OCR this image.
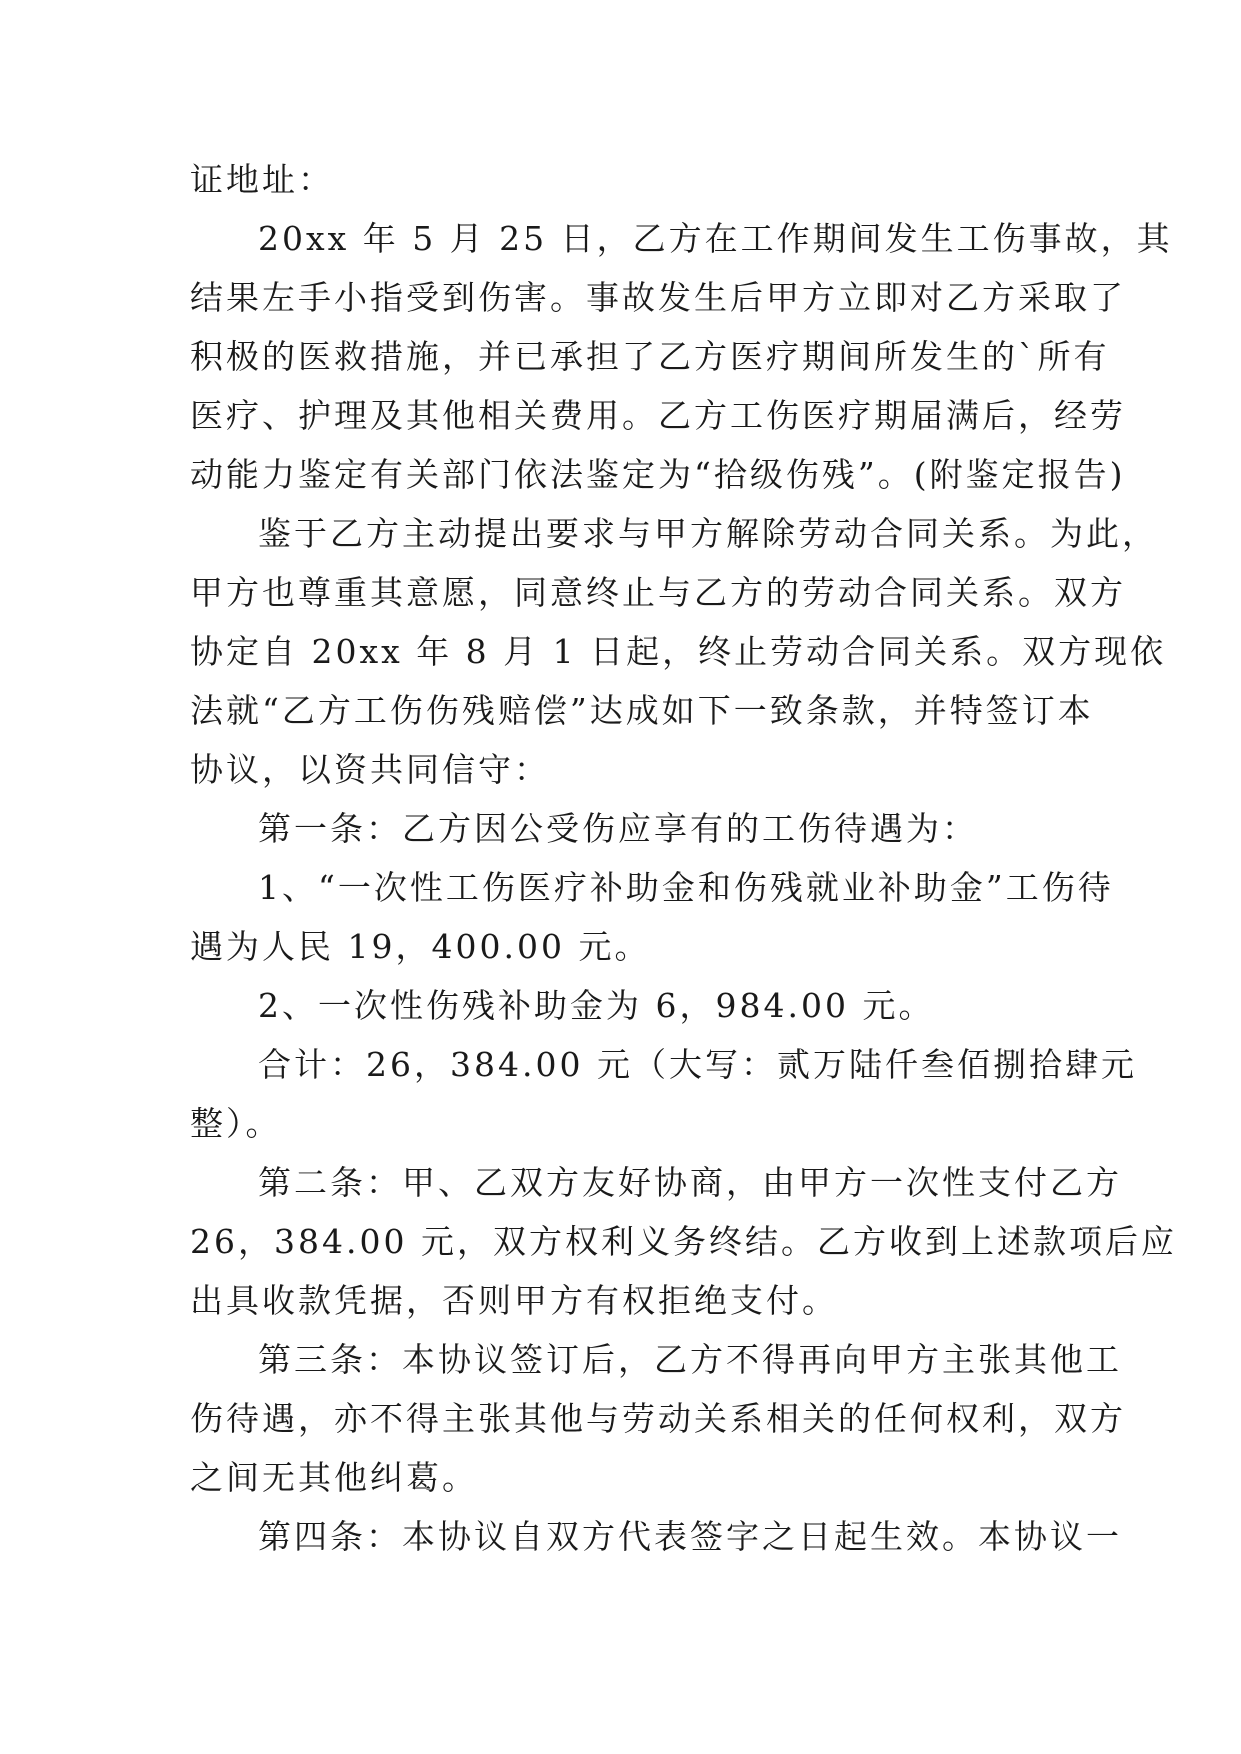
证地址：
20xx 年 5 月 25 日，乙方在工作期间发生工伤事故，其
结果左手小指受到伤害。事故发生后甲方立即对乙方采取了
积极的医救措施，并已承担了乙方医疗期间所发生的`所有
医疗、护理及其他相关费用。乙方工伤医疗期届满后，经劳
动能力鉴定有关部门依法鉴定为“拾级伤残”。(附鉴定报告)
鉴于乙方主动提出要求与甲方解除劳动合同关系。为此，
甲方也尊重其意愿，同意终止与乙方的劳动合同关系。双方
协定自 20xx 年 8 月 1 日起，终止劳动合同关系。双方现依
法就“乙方工伤伤残赔偿”达成如下一致条款，并特签订本
协议，以资共同信守：
第一条：乙方因公受伤应享有的工伤待遇为：
1、“一次性工伤医疗补助金和伤残就业补助金”工伤待
遇为人民 19，400.00 元。
2、一次性伤残补助金为 6，984.00 元。
合计：26，384.00 元（大写：贰万陆仟叁佰捌拾肆元
整）。
第二条：甲、乙双方友好协商，由甲方一次性支付乙方
26，384.00 元，双方权利义务终结。乙方收到上述款项后应
出具收款凭据，否则甲方有权拒绝支付。
第三条：本协议签订后，乙方不得再向甲方主张其他工
伤待遇，亦不得主张其他与劳动关系相关的任何权利，双方
之间无其他纠葛。
第四条：本协议自双方代表签字之日起生效。本协议一
